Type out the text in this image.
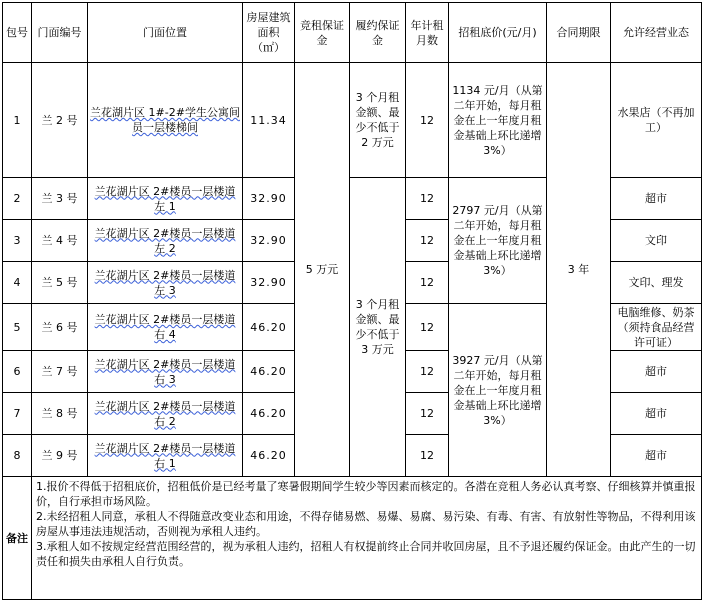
包号	门面编号	门面位置	房屋建筑面积（㎡）	竞租保证金	履约保证金	年计租月数	招租底价(元/月)	合同期限	允许经营业态
1	兰 2 号	兰花湖片区 1#-2#学生公寓间员一层楼梯间	11.34	5 万元	3 个月租金额、最少不低于 2 万元	12	1134 元/月（从第二年开始，每月租金在上一年度月租金基础上环比递增 3%）	3 年	水果店（不再加工）
2	兰 3 号	兰花湖片区 2#楼员一层楼道左 1	32.90		3 个月租金额、最少不低于 3 万元	12	2797 元/月（从第二年开始，每月租金在上一年度月租金基础上环比递增 3%）		超市
3	兰 4 号	兰花湖片区 2#楼员一层楼道左 2	32.90			12			文印
4	兰 5 号	兰花湖片区 2#楼员一层楼道左 3	32.90			12			文印、理发
5	兰 6 号	兰花湖片区 2#楼员一层楼道右 4	46.20			12	3927 元/月（从第二年开始，每月租金在上一年度月租金基础上环比递增 3%）		电脑维修、奶茶（须持食品经营许可证）
6	兰 7 号	兰花湖片区 2#楼员一层楼道右 3	46.20			12			超市
7	兰 8 号	兰花湖片区 2#楼员一层楼道右 2	46.20			12			超市
8	兰 9 号	兰花湖片区 2#楼员一层楼道右 1	46.20			12			超市
备注	1.报价不得低于招租底价，招租低价是已经考量了寒暑假期间学生较少等因素而核定的。各潜在竞租人务必认真考察、仔细核算并慎重报价，自行承担市场风险。

2.未经招租人同意，承租人不得随意改变业态和用途，不得存储易燃、易爆、易腐、易污染、有毒、有害、有放射性等物品，不得利用该房屋从事违法违规活动，否则视为承租人违约。

3.承租人如不按规定经营范围经营的，视为承租人违约，招租人有权提前终止合同并收回房屋，且不予退还履约保证金。由此产生的一切责任和损失由承租人自行负责。								
